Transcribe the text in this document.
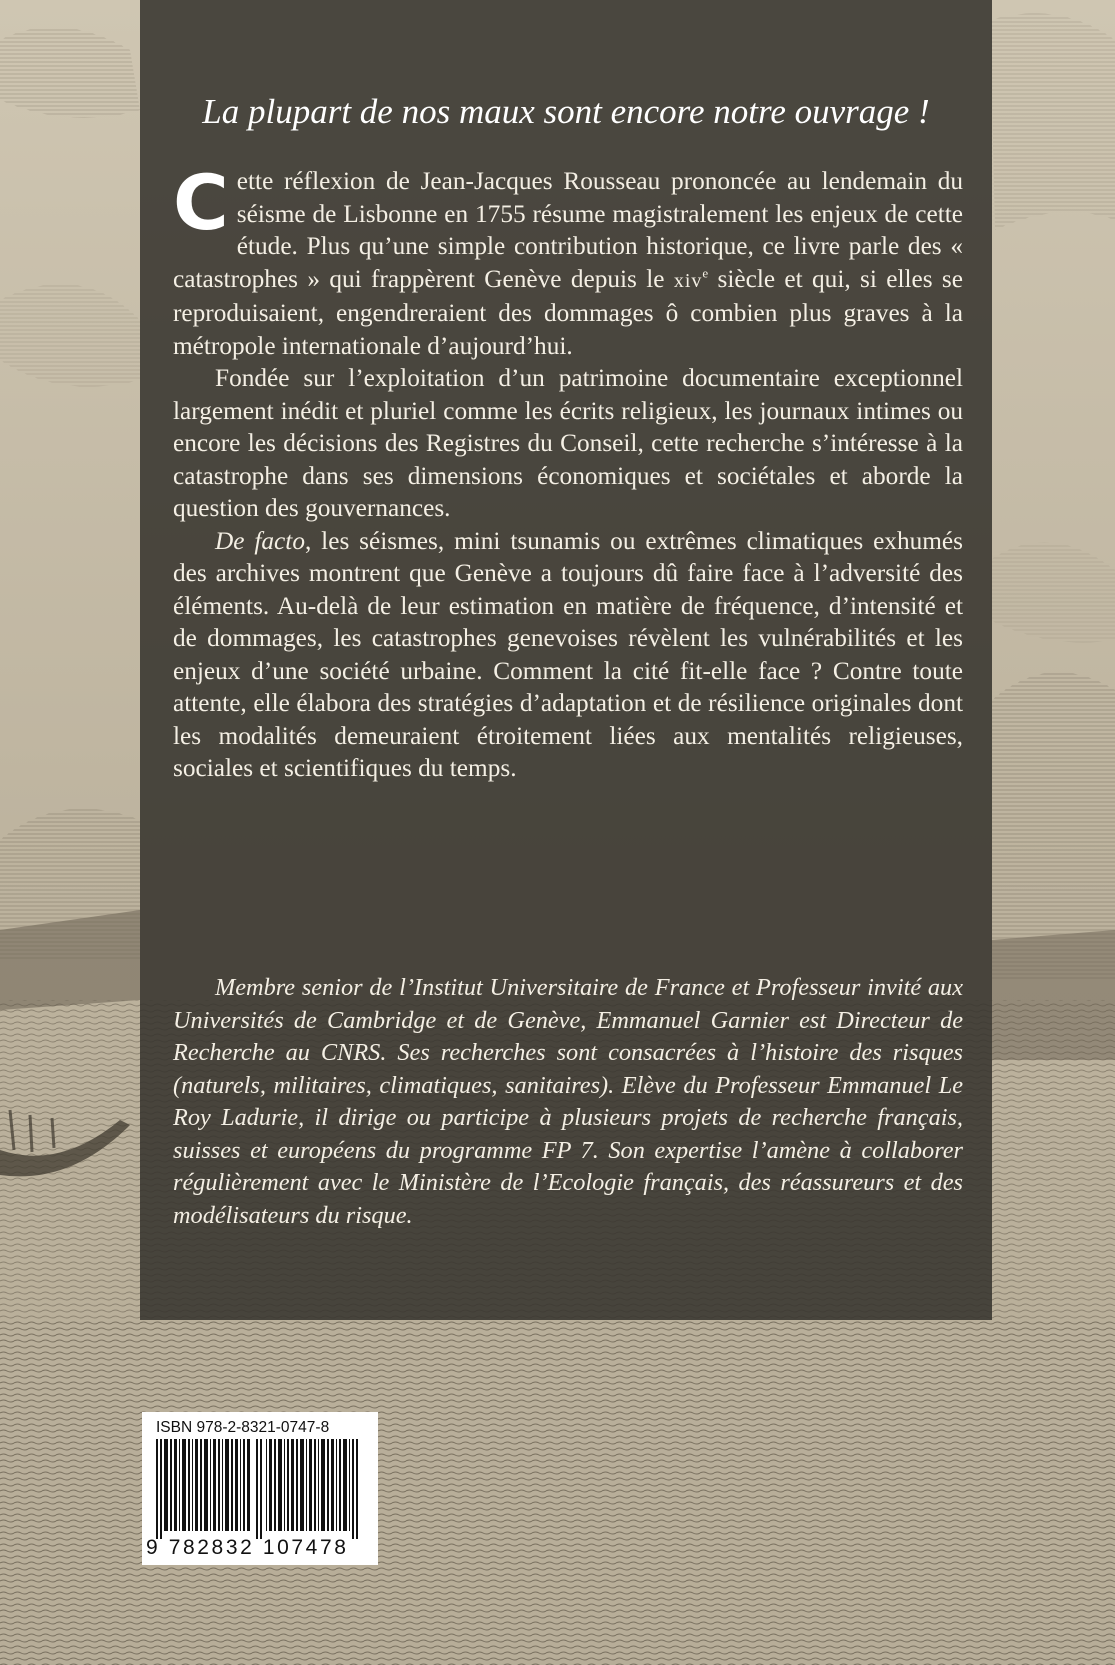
La plupart de nos maux sont encore notre ouvrage !

Cette réflexion de Jean-Jacques Rousseau prononcée au lendemain du séisme de Lisbonne en 1755 résume magistralement les enjeux de cette étude. Plus qu’une simple contribution historique, ce livre parle des « catastrophes » qui frappèrent Genève depuis le xiv$^e$ siècle et qui, si elles se reproduisaient, engendreraient des dommages ô combien plus graves à la métropole internationale d’aujourd’hui.

Fondée sur l’exploitation d’un patrimoine documentaire exceptionnel largement inédit et pluriel comme les écrits religieux, les journaux intimes ou encore les décisions des Registres du Conseil, cette recherche s’intéresse à la catastrophe dans ses dimensions économiques et sociétales et aborde la question des gouvernances.

De facto, les séismes, mini tsunamis ou extrêmes climatiques exhumés des archives montrent que Genève a toujours dû faire face à l’adversité des éléments. Au-delà de leur estimation en matière de fréquence, d’intensité et de dommages, les catastrophes genevoises révèlent les vulnérabilités et les enjeux d’une société urbaine. Comment la cité fit-elle face ? Contre toute attente, elle élabora des stratégies d’adaptation et de résilience originales dont les modalités demeuraient étroitement liées aux mentalités religieuses, sociales et scientifiques du temps.

Membre senior de l’Institut Universitaire de France et Professeur invité aux Universités de Cambridge et de Genève, Emmanuel Garnier est Directeur de Recherche au CNRS. Ses recherches sont consacrées à l’histoire des risques (naturels, militaires, climatiques, sanitaires). Elève du Professeur Emmanuel Le Roy Ladurie, il dirige ou participe à plusieurs projets de recherche français, suisses et européens du programme FP 7. Son expertise l’amène à collaborer régulièrement avec le Ministère de l’Ecologie français, des réassureurs et des modélisateurs du risque.

ISBN 978-2-8321-0747-8
9 782832 107478
